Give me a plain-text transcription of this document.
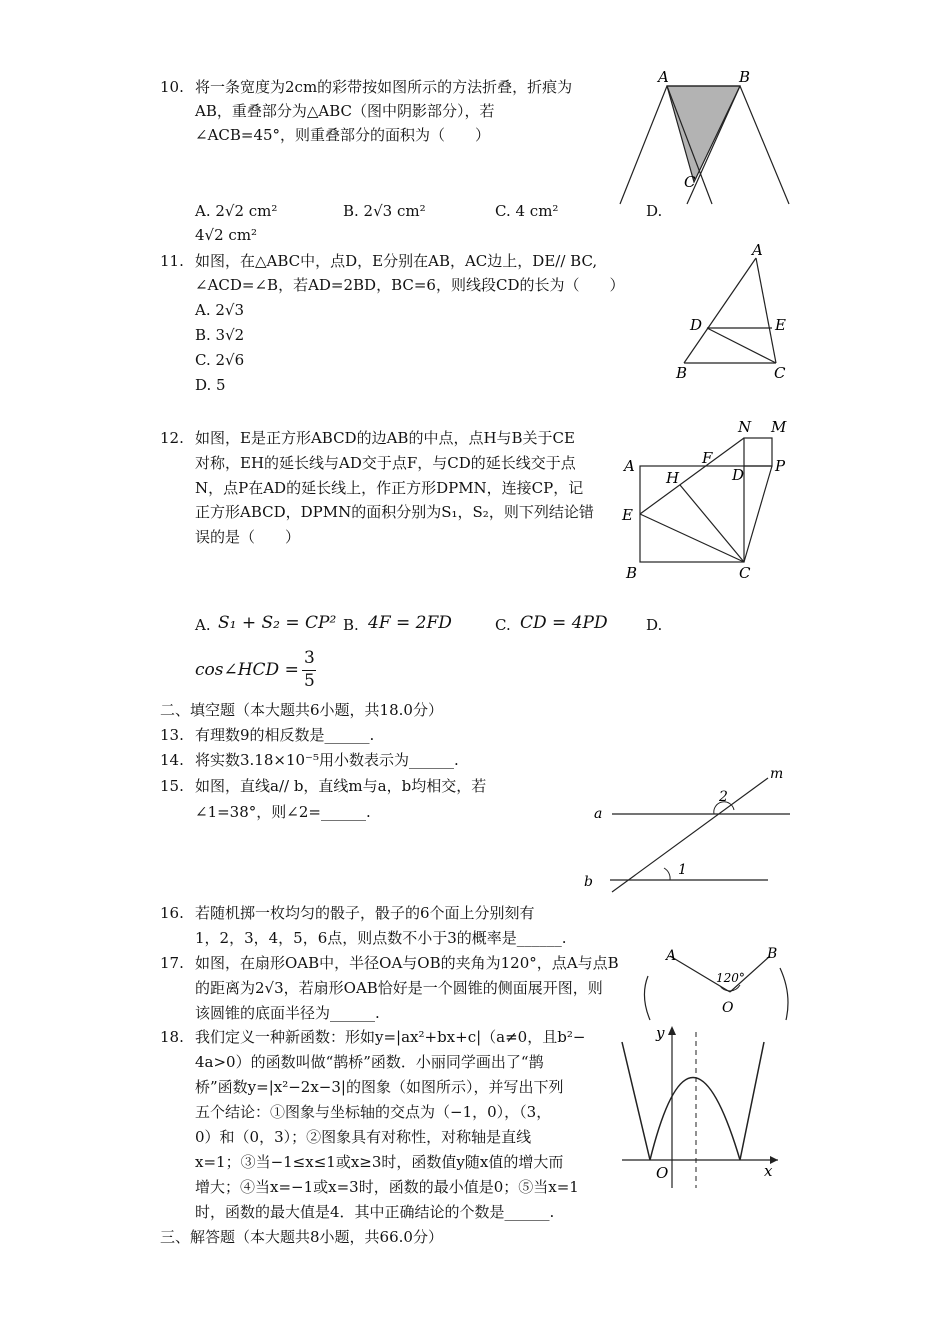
10. 将一条宽度为2cm的彩带按如图所示的方法折叠，折痕为
AB，重叠部分为△ABC（图中阴影部分），若
∠ACB=45°，则重叠部分的面积为（　　）
A. 2√2 cm²	B. 2√3 cm²	C. 4 cm²	D.
4√2 cm²
A	B
C
11. 如图，在△ABC中，点D，E分别在AB，AC边上，DE// BC,
∠ACD=∠B，若AD=2BD，BC=6，则线段CD的长为（　　）
A. 2√3
B. 3√2
C. 2√6
D. 5
A
D	E
B	C
12. 如图，E是正方形ABCD的边AB的中点，点H与B关于CE
对称，EH的延长线与AD交于点F，与CD的延长线交于点
N，点P在AD的延长线上，作正方形DPMN，连接CP，记
正方形ABCD，DPMN的面积分别为S₁，S₂，则下列结论错
误的是（　　）
A. S₁ + S₂ = CP² B. 4F = 2FD	C. CD = 4PD	D.
cos∠HCD =
3
5
N M
A	F
D P
H
E
B	C
二、填空题（本大题共6小题，共18.0分）
13. 有理数9的相反数是______.
14. 将实数3.18×10⁻⁵用小数表示为______.
15. 如图，直线a// b，直线m与a，b均相交，若
∠1=38°，则∠2=______.
m
a
2
b
1
16. 若随机掷一枚均匀的骰子，骰子的6个面上分别刻有
1，2，3，4，5，6点，则点数不小于3的概率是______.
17. 如图，在扇形OAB中，半径OA与OB的夹角为120°，点A与点B
的距离为2√3，若扇形OAB恰好是一个圆锥的侧面展开图，则
该圆锥的底面半径为______.
A	B
120°
O
18. 我们定义一种新函数：形如y=|ax²+bx+c|（a≠0，且b²−
4a>0）的函数叫做“鹊桥”函数．小丽同学画出了“鹊
桥”函数y=|x²−2x−3|的图象（如图所示），并写出下列
五个结论：①图象与坐标轴的交点为（−1，0），（3，
0）和（0，3）；②图象具有对称性，对称轴是直线
x=1；③当−1≤x≤1或x≥3时，函数值y随x值的增大而
增大；④当x=−1或x=3时，函数的最小值是0；⑤当x=1
时，函数的最大值是4．其中正确结论的个数是______.
y
O	x
三、解答题（本大题共8小题，共66.0分）
